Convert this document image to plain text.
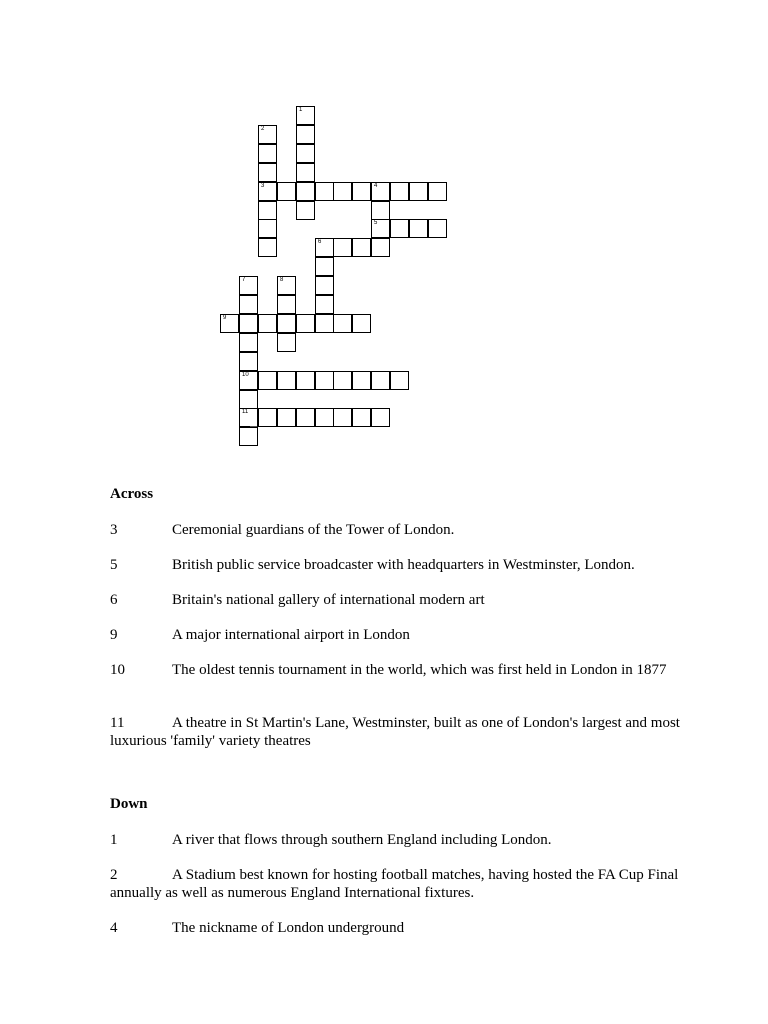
1
2
3	4
5
6
7
10
11
8
9
Across
3	Ceremonial guardians of the Tower of London.
5	British public service broadcaster with headquarters in Westminster, London.
6	Britain's national gallery of international modern art
9	A major international airport in London
10	The oldest tennis tournament in the world, which was first held in London in 1877
11	A theatre in St Martin's Lane, Westminster, built as one of London's largest and most luxurious 'family' variety theatres
Down
1	A river that flows through southern England including London.
2	A Stadium best known for hosting football matches, having hosted the FA Cup Final annually as well as numerous England International fixtures.
4	The nickname of London underground
